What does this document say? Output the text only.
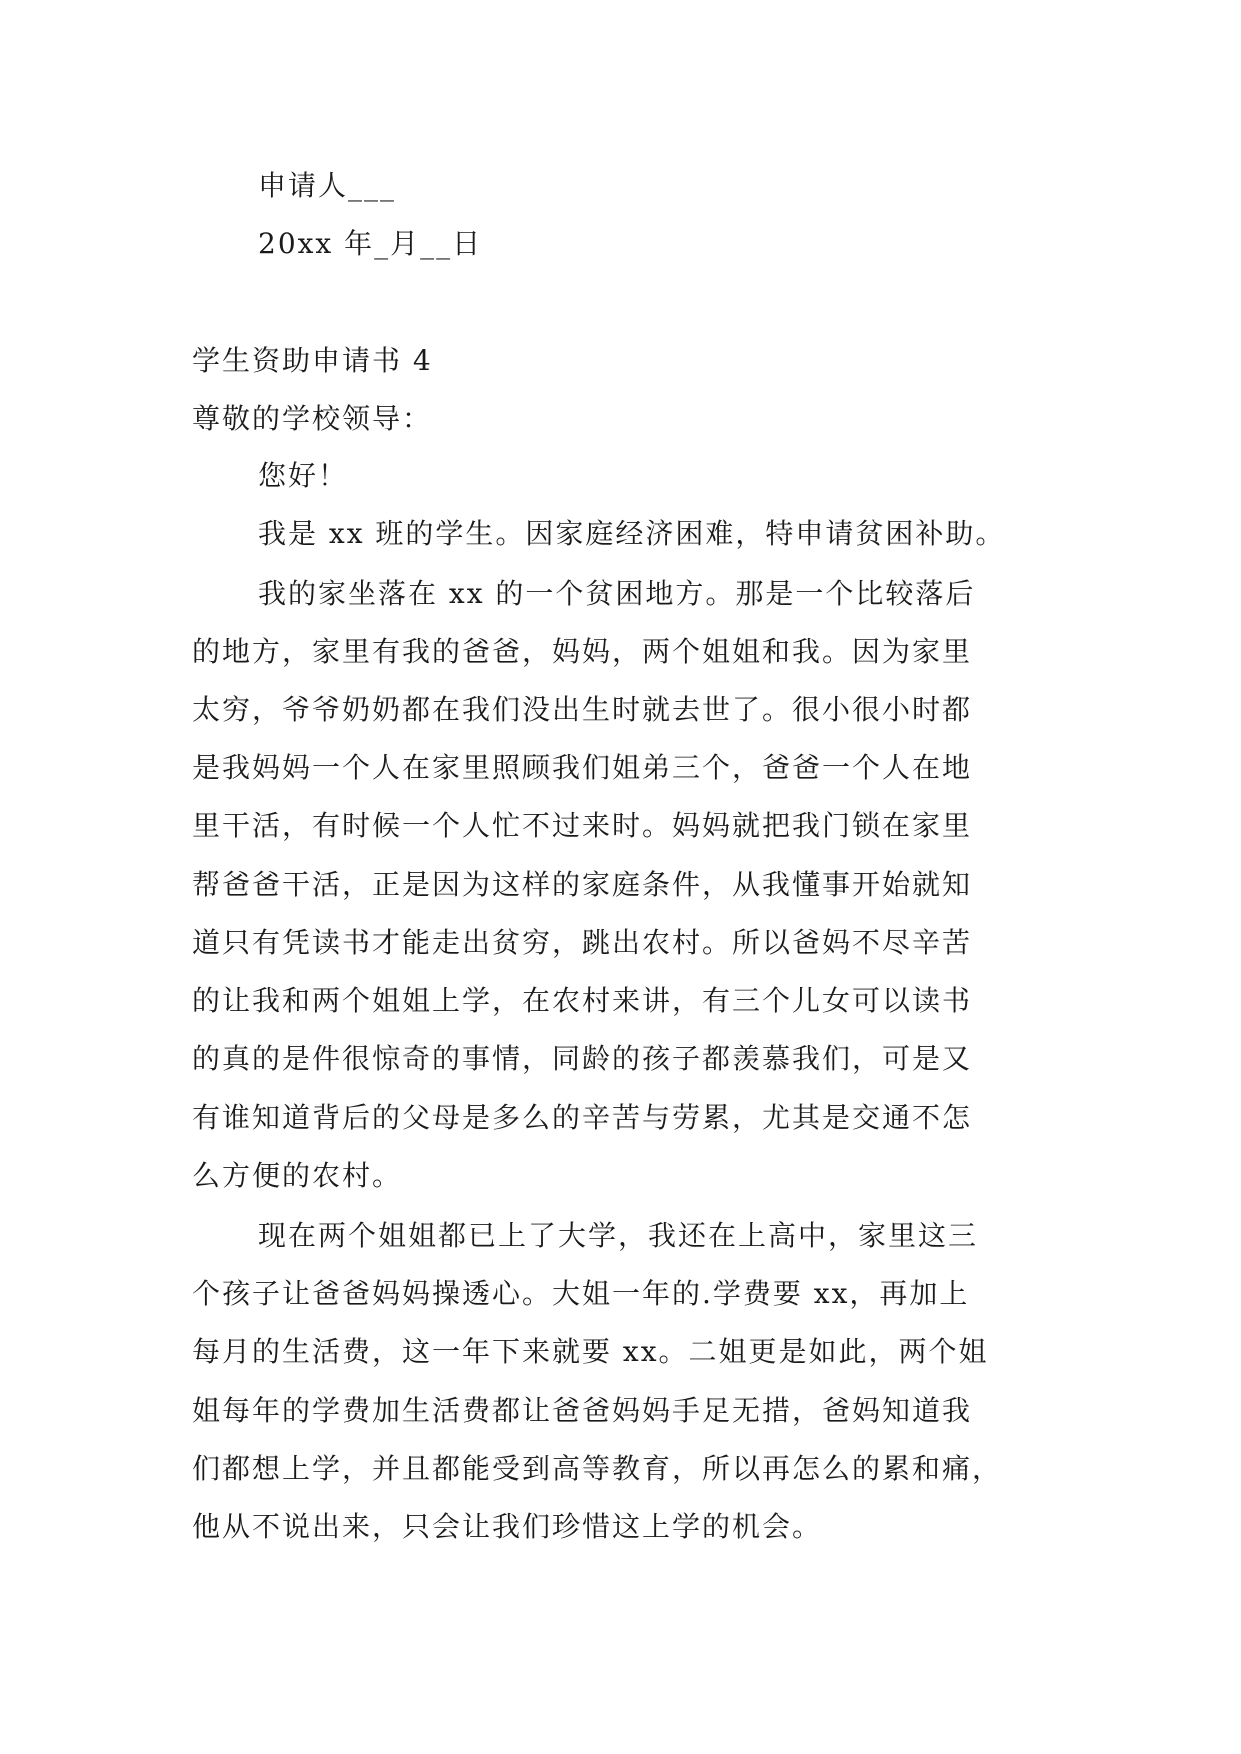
申请人___
20xx 年_月__日
学生资助申请书 4
尊敬的学校领导：
您好！
我是 xx 班的学生。因家庭经济困难，特申请贫困补助。
我的家坐落在 xx 的一个贫困地方。那是一个比较落后
的地方，家里有我的爸爸，妈妈，两个姐姐和我。因为家里
太穷，爷爷奶奶都在我们没出生时就去世了。很小很小时都
是我妈妈一个人在家里照顾我们姐弟三个，爸爸一个人在地
里干活，有时候一个人忙不过来时。妈妈就把我门锁在家里
帮爸爸干活，正是因为这样的家庭条件，从我懂事开始就知
道只有凭读书才能走出贫穷，跳出农村。所以爸妈不尽辛苦
的让我和两个姐姐上学，在农村来讲，有三个儿女可以读书
的真的是件很惊奇的事情，同龄的孩子都羡慕我们，可是又
有谁知道背后的父母是多么的辛苦与劳累，尤其是交通不怎
么方便的农村。
现在两个姐姐都已上了大学，我还在上高中，家里这三
个孩子让爸爸妈妈操透心。大姐一年的.学费要 xx，再加上
每月的生活费，这一年下来就要 xx。二姐更是如此，两个姐
姐每年的学费加生活费都让爸爸妈妈手足无措，爸妈知道我
们都想上学，并且都能受到高等教育，所以再怎么的累和痛，
他从不说出来，只会让我们珍惜这上学的机会。
